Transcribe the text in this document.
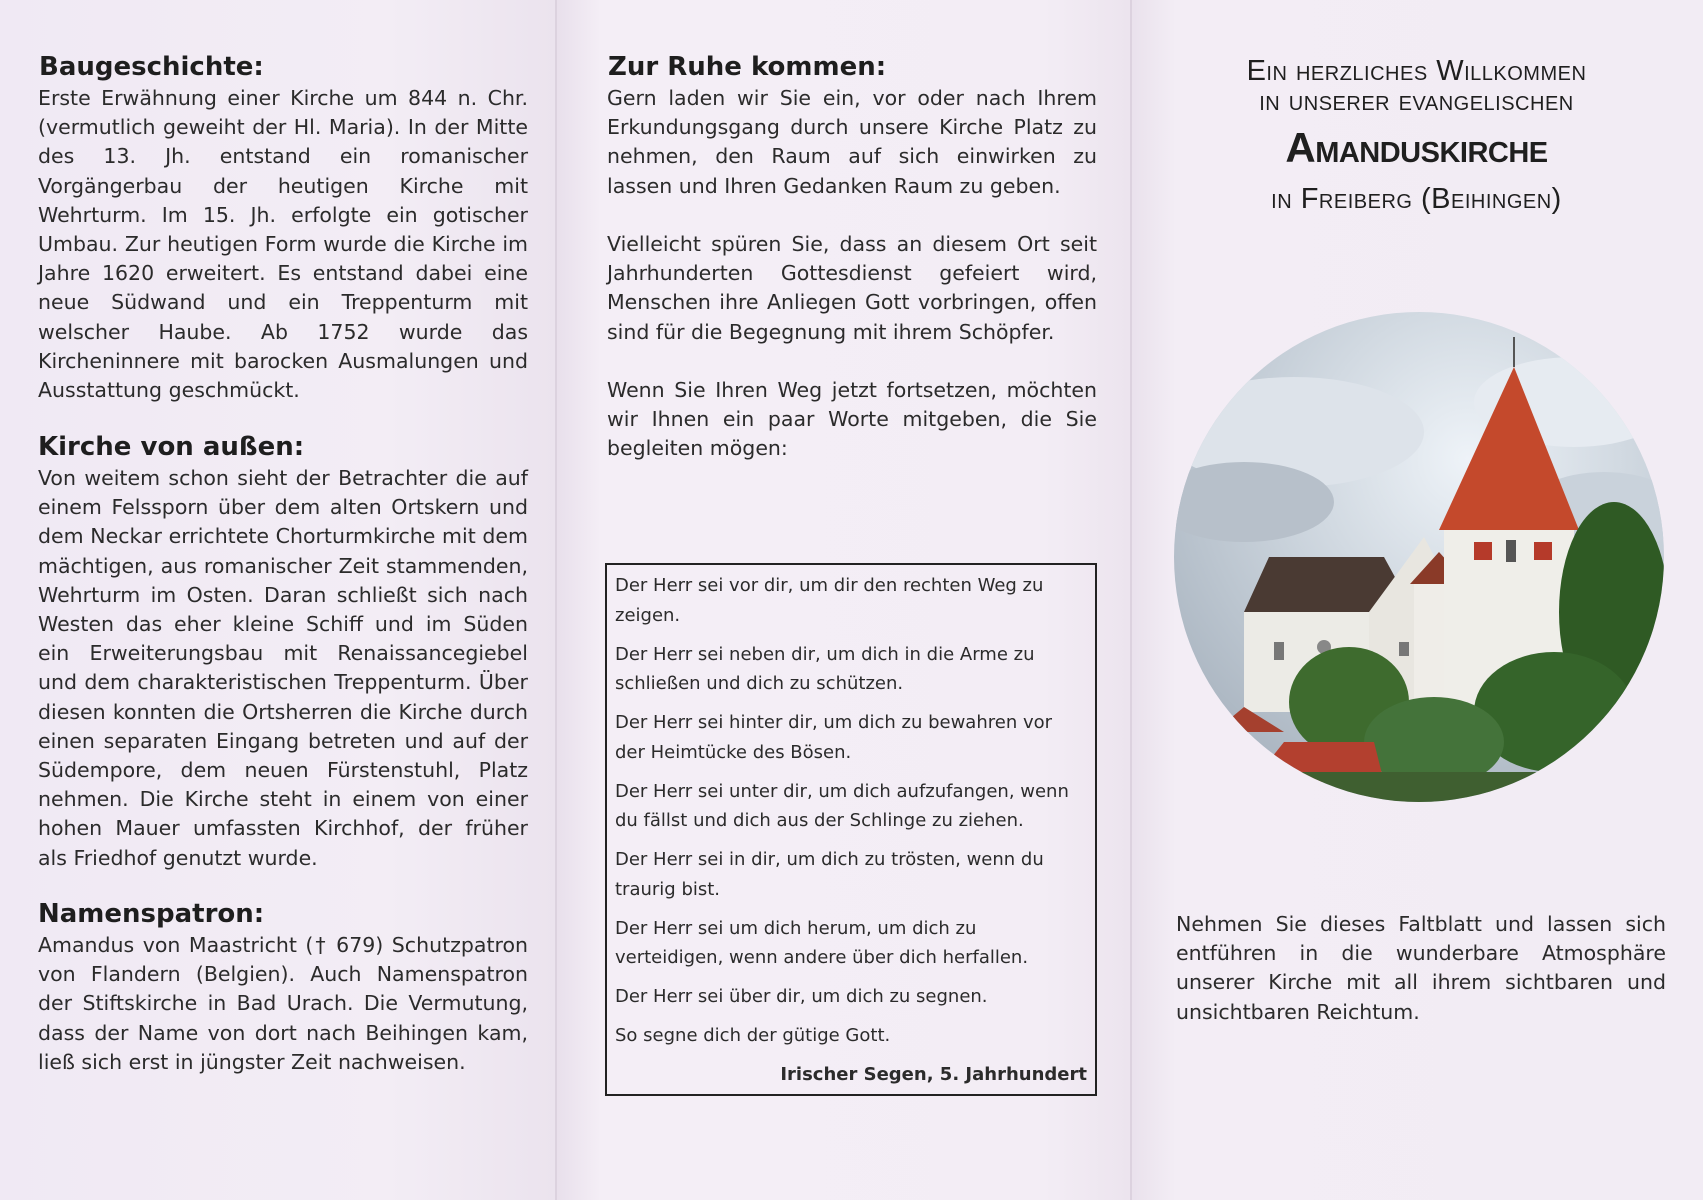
Baugeschichte:

Erste Erwähnung einer Kirche um 844 n. Chr. (vermutlich geweiht der Hl. Maria). In der Mitte des 13. Jh. entstand ein romanischer Vorgängerbau der heutigen Kirche mit Wehrturm. Im 15. Jh. erfolgte ein gotischer Umbau. Zur heutigen Form wurde die Kirche im Jahre 1620 erweitert. Es entstand dabei eine neue Südwand und ein Treppenturm mit welscher Haube. Ab 1752 wurde das Kircheninnere mit barocken Ausmalungen und Ausstattung geschmückt.

Kirche von außen:

Von weitem schon sieht der Betrachter die auf einem Felssporn über dem alten Ortskern und dem Neckar errichtete Chorturmkirche mit dem mächtigen, aus romanischer Zeit stammenden, Wehrturm im Osten. Daran schließt sich nach Westen das eher kleine Schiff und im Süden ein Erweiterungsbau mit Renaissancegiebel und dem charakteristischen Treppenturm. Über diesen konnten die Ortsherren die Kirche durch einen separaten Eingang betreten und auf der Südempore, dem neuen Fürstenstuhl, Platz nehmen. Die Kirche steht in einem von einer hohen Mauer umfassten Kirchhof, der früher als Friedhof genutzt wurde.

Namenspatron:

Amandus von Maastricht († 679) Schutzpatron von Flandern (Belgien). Auch Namenspatron der Stiftskirche in Bad Urach. Die Vermutung, dass der Name von dort nach Beihingen kam, ließ sich erst in jüngster Zeit nachweisen.

Zur Ruhe kommen:

Gern laden wir Sie ein, vor oder nach Ihrem Erkundungsgang durch unsere Kirche Platz zu nehmen, den Raum auf sich einwirken zu lassen und Ihren Gedanken Raum zu geben.

Vielleicht spüren Sie, dass an diesem Ort seit Jahrhunderten Gottesdienst gefeiert wird, Menschen ihre Anliegen Gott vorbringen, offen sind für die Begegnung mit ihrem Schöpfer.

Wenn Sie Ihren Weg jetzt fortsetzen, möchten wir Ihnen ein paar Worte mitgeben, die Sie begleiten mögen:

Der Herr sei vor dir, um dir den rechten Weg zu zeigen.

Der Herr sei neben dir, um dich in die Arme zu schließen und dich zu schützen.

Der Herr sei hinter dir, um dich zu bewahren vor der Heimtücke des Bösen.

Der Herr sei unter dir, um dich aufzufangen, wenn du fällst und dich aus der Schlinge zu ziehen.

Der Herr sei in dir, um dich zu trösten, wenn du traurig bist.

Der Herr sei um dich herum, um dich zu verteidigen, wenn andere über dich herfallen.

Der Herr sei über dir, um dich zu segnen.

So segne dich der gütige Gott.

Irischer Segen, 5. Jahrhundert

Ein herzliches Willkommen
in unserer evangelischen
Amanduskirche
in Freiberg (Beihingen)

Nehmen Sie dieses Faltblatt und lassen sich entführen in die wunderbare Atmosphäre unserer Kirche mit all ihrem sichtbaren und unsichtbaren Reichtum.
